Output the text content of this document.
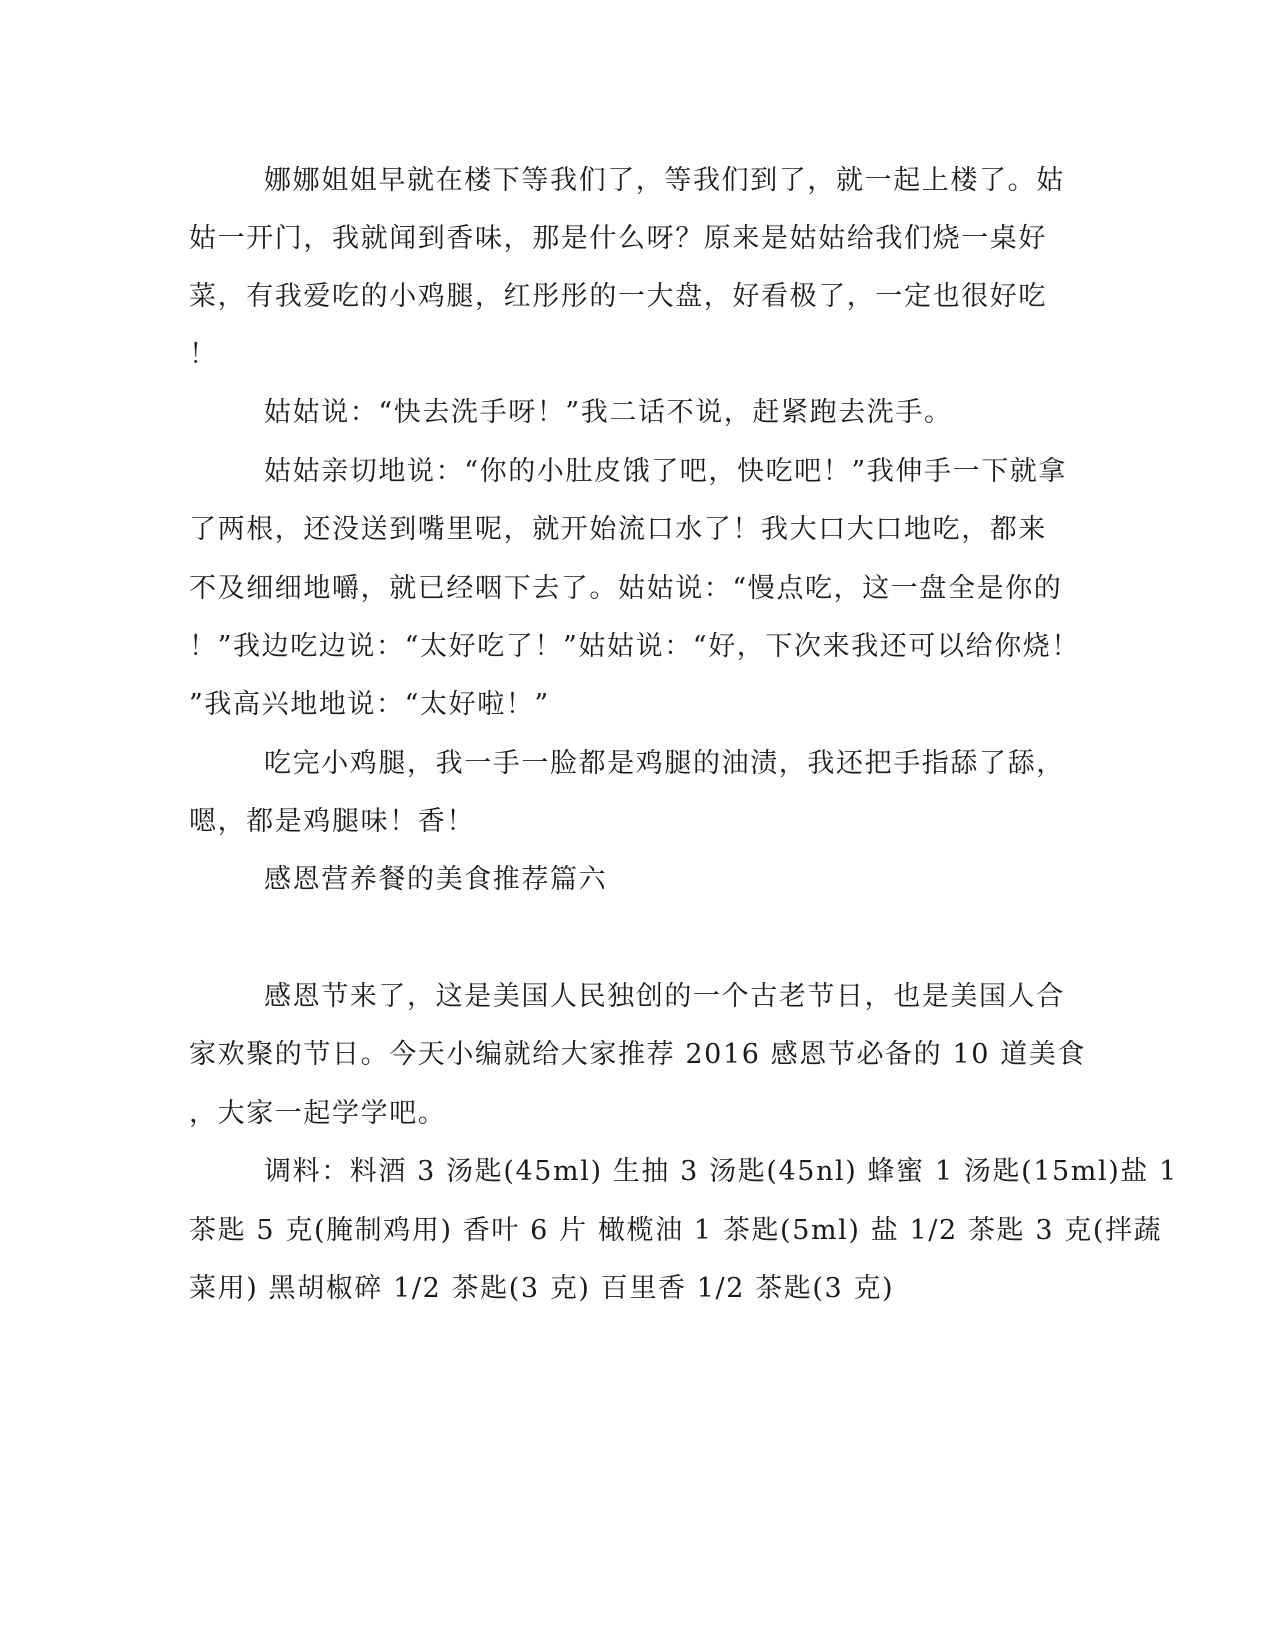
娜娜姐姐早就在楼下等我们了，等我们到了，就一起上楼了。姑
姑一开门，我就闻到香味，那是什么呀？原来是姑姑给我们烧一桌好
菜，有我爱吃的小鸡腿，红彤彤的一大盘，好看极了，一定也很好吃
！
姑姑说：“快去洗手呀！”我二话不说，赶紧跑去洗手。
姑姑亲切地说：“你的小肚皮饿了吧，快吃吧！”我伸手一下就拿
了两根，还没送到嘴里呢，就开始流口水了！我大口大口地吃，都来
不及细细地嚼，就已经咽下去了。姑姑说：“慢点吃，这一盘全是你的
！”我边吃边说：“太好吃了！”姑姑说：“好，下次来我还可以给你烧！
”我高兴地地说：“太好啦！”
吃完小鸡腿，我一手一脸都是鸡腿的油渍，我还把手指舔了舔，
嗯，都是鸡腿味！香！
感恩营养餐的美食推荐篇六
感恩节来了，这是美国人民独创的一个古老节日，也是美国人合
家欢聚的节日。今天小编就给大家推荐 2016 感恩节必备的 10 道美食
，大家一起学学吧。
调料：料酒 3 汤匙(45ml) 生抽 3 汤匙(45nl) 蜂蜜 1 汤匙(15ml)盐 1
茶匙 5 克(腌制鸡用) 香叶 6 片 橄榄油 1 茶匙(5ml) 盐 1/2 茶匙 3 克(拌蔬
菜用) 黑胡椒碎 1/2 茶匙(3 克) 百里香 1/2 茶匙(3 克)
